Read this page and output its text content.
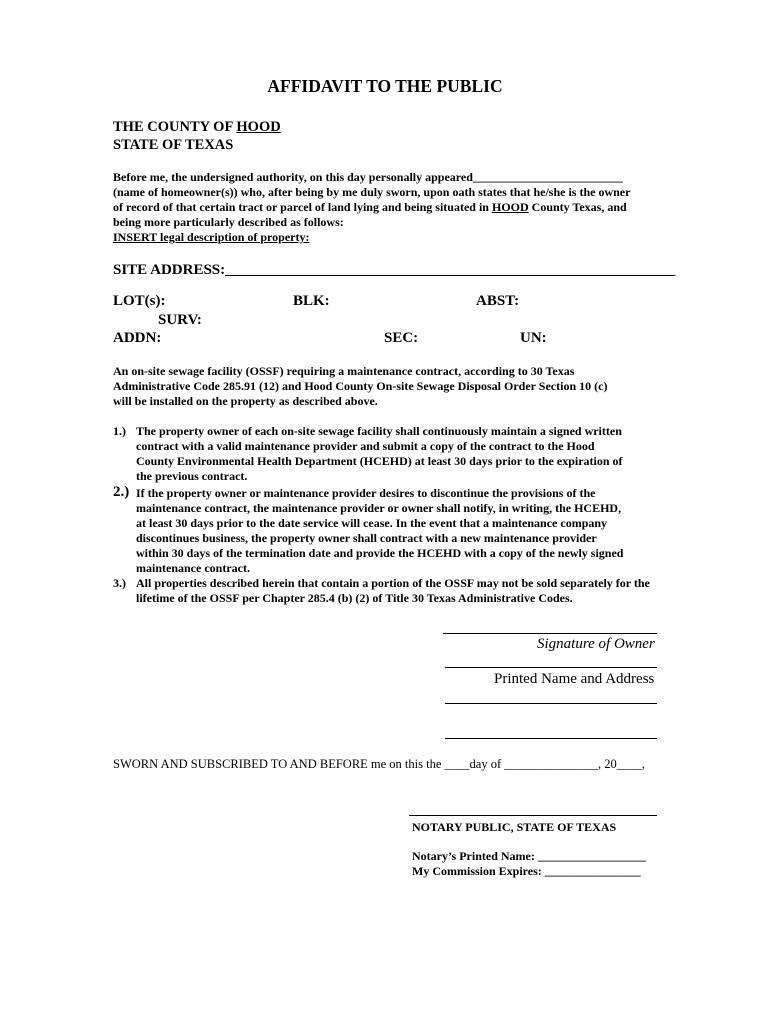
AFFIDAVIT TO THE PUBLIC
THE COUNTY OF HOOD
STATE OF TEXAS
Before me, the undersigned authority, on this day personally appeared_________________________
(name of homeowner(s)) who, after being by me duly sworn, upon oath states that he/she is the owner
of record of that certain tract or parcel of land lying and being situated in HOOD County Texas, and
being more particularly described as follows:
INSERT legal description of property:
SITE ADDRESS:____________________________________________________________
LOT(s):	BLK:	ABST:
SURV:
ADDN:	SEC:	UN:
An on-site sewage facility (OSSF) requiring a maintenance contract, according to 30 Texas
Administrative Code 285.91 (12) and Hood County On-site Sewage Disposal Order Section 10 (c)
will be installed on the property as described above.
1.) The property owner of each on-site sewage facility shall continuously maintain a signed written
contract with a valid maintenance provider and submit a copy of the contract to the Hood
County Environmental Health Department (HCEHD) at least 30 days prior to the expiration of
the previous contract.
2.) If the property owner or maintenance provider desires to discontinue the provisions of the
maintenance contract, the maintenance provider or owner shall notify, in writing, the HCEHD,
at least 30 days prior to the date service will cease. In the event that a maintenance company
discontinues business, the property owner shall contract with a new maintenance provider
within 30 days of the termination date and provide the HCEHD with a copy of the newly signed
maintenance contract.
3.) All properties described herein that contain a portion of the OSSF may not be sold separately for the
lifetime of the OSSF per Chapter 285.4 (b) (2) of Title 30 Texas Administrative Codes.
Signature of Owner
Printed Name and Address
SWORN AND SUBSCRIBED TO AND BEFORE me on this the ____day of _______________, 20____,
NOTARY PUBLIC, STATE OF TEXAS
Notary’s Printed Name: __________________
My Commission Expires: ________________
